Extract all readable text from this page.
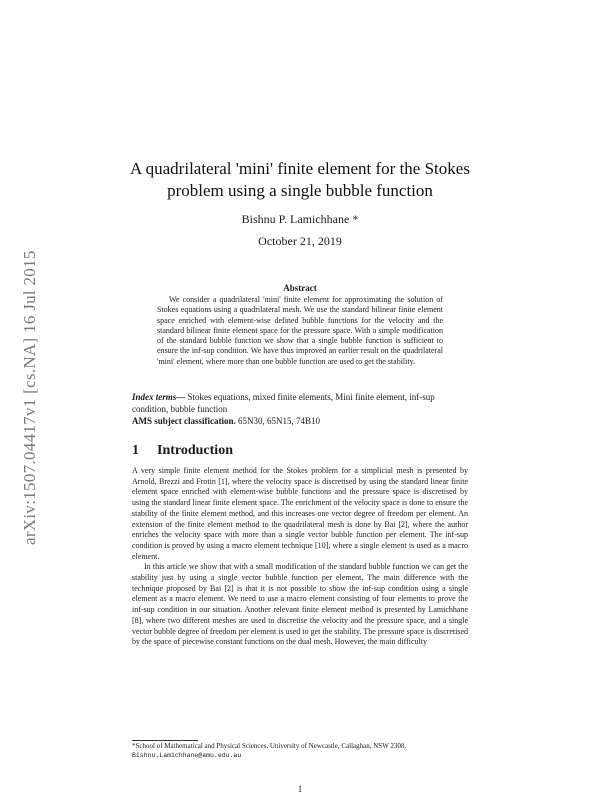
arXiv:1507.04417v1 [cs.NA] 16 Jul 2015
A quadrilateral 'mini' finite element for the Stokes problem using a single bubble function
Bishnu P. Lamichhane *
October 21, 2019
Abstract
We consider a quadrilateral 'mini' finite element for approximating the solution of Stokes equations using a quadrilateral mesh. We use the standard bilinear finite element space enriched with element-wise defined bubble functions for the velocity and the standard bilinear finite element space for the pressure space. With a simple modification of the standard bubble function we show that a single bubble function is sufficient to ensure the inf-sup condition. We have thus improved an earlier result on the quadrilateral 'mini' element, where more than one bubble function are used to get the stability.
Index terms— Stokes equations, mixed finite elements, Mini finite element, inf-sup condition, bubble function
AMS subject classification. 65N30, 65N15, 74B10
1 Introduction

A very simple finite element method for the Stokes problem for a simplicial mesh is presented by Arnold, Brezzi and Frotin [1], where the velocity space is discretised by using the standard linear finite element space enriched with element-wise bubble functions and the pressure space is discretised by using the standard linear finite element space. The enrichment of the velocity space is done to ensure the stability of the finite element method, and this increases one vector degree of freedom per element. An extension of the finite element method to the quadrilateral mesh is done by Bai [2], where the author enriches the velocity space with more than a single vector bubble function per element. The inf-sup condition is proved by using a macro element technique [10], where a single element is used as a macro element.

In this article we show that with a small modification of the standard bubble function we can get the stability just by using a single vector bubble function per element. The main difference with the technique proposed by Bai [2] is that it is not possible to show the inf-sup condition using a single element as a macro element. We need to use a macro element consisting of four elements to prove the inf-sup condition in our situation. Another relevant finite element method is presented by Lamichhane [8], where two different meshes are used to discretise the velocity and the pressure space, and a single vector bubble degree of freedom per element is used to get the stability. The pressure space is discretised by the space of piecewise constant functions on the dual mesh. However, the main difficulty

*School of Mathematical and Physical Sciences, University of Newcastle, Callaghan, NSW 2308,
Bishnu.Lamichhane@amu.edu.au
1
